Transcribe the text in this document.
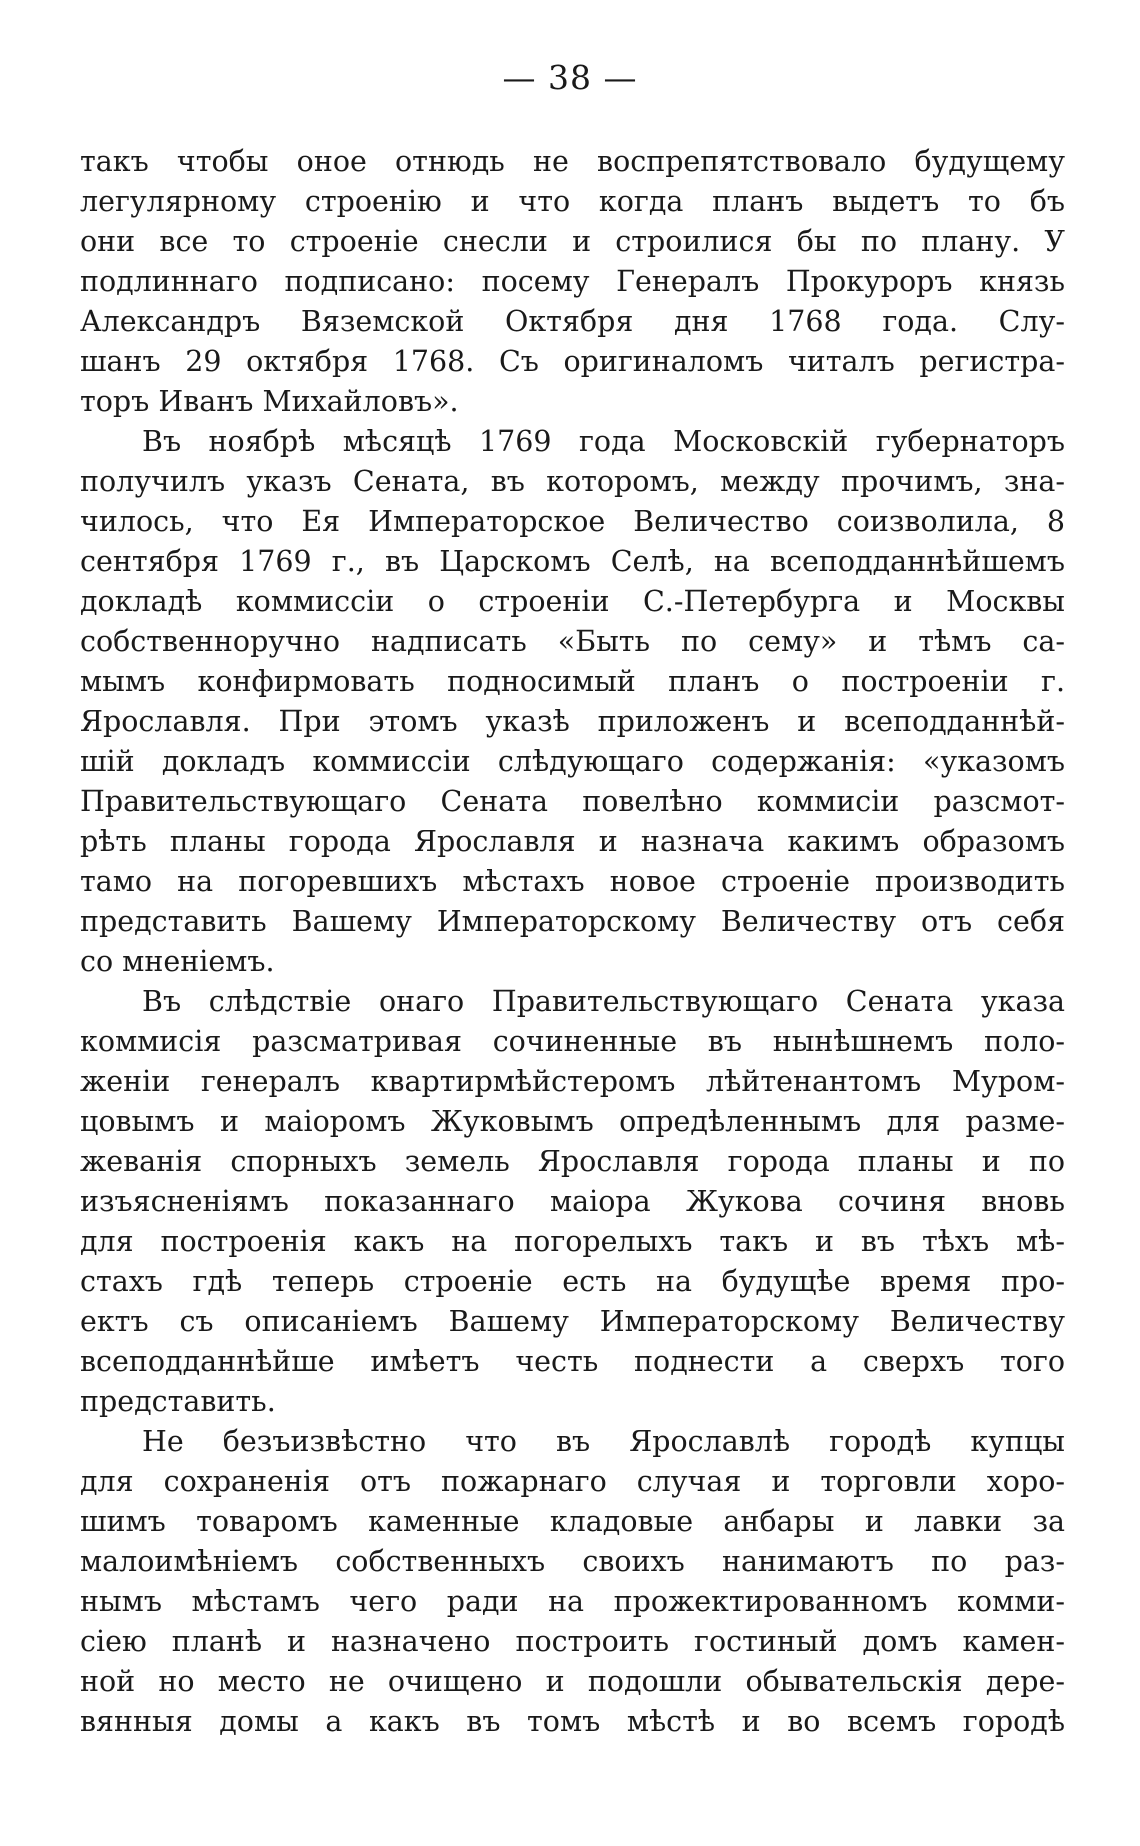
— 38 —
такъ чтобы оное отнюдь не воспрепятствовало будущему
легулярному строенію и что когда планъ выдетъ то бъ
они все то строеніе снесли и строилися бы по плану. У
подлиннаго подписано: посему Генералъ Прокуроръ князь
Александръ Вяземской Октября дня 1768 года. Слу-
шанъ 29 октября 1768. Съ оригиналомъ читалъ регистра-
торъ Иванъ Михайловъ».
Въ ноябрѣ мѣсяцѣ 1769 года Московскій губернаторъ
получилъ указъ Сената, въ которомъ, между прочимъ, зна-
чилось, что Ея Императорское Величество соизволила, 8
сентября 1769 г., въ Царскомъ Селѣ, на всеподданнѣйшемъ
докладѣ коммиссіи о строеніи С.-Петербурга и Москвы
собственноручно надписать «Быть по сему» и тѣмъ са-
мымъ конфирмовать подносимый планъ о построеніи г.
Ярославля. При этомъ указѣ приложенъ и всеподданнѣй-
шій докладъ коммиссіи слѣдующаго содержанія: «указомъ
Правительствующаго Сената повелѣно коммисіи разсмот-
рѣть планы города Ярославля и назнача какимъ образомъ
тамо на погоревшихъ мѣстахъ новое строеніе производить
представить Вашему Императорскому Величеству отъ себя
со мненіемъ.
Въ слѣдствіе онаго Правительствующаго Сената указа
коммисія разсматривая сочиненные въ нынѣшнемъ поло-
женіи генералъ квартирмѣйстеромъ лѣйтенантомъ Муром-
цовымъ и маіоромъ Жуковымъ опредѣленнымъ для разме-
жеванія спорныхъ земель Ярославля города планы и по
изъясненіямъ показаннаго маіора Жукова сочиня вновь
для построенія какъ на погорелыхъ такъ и въ тѣхъ мѣ-
стахъ гдѣ теперь строеніе есть на будущѣе время про-
ектъ съ описаніемъ Вашему Императорскому Величеству
всеподданнѣйше имѣетъ честь поднести а сверхъ того
представить.
Не безъизвѣстно что въ Ярославлѣ городѣ купцы
для сохраненія отъ пожарнаго случая и торговли хоро-
шимъ товаромъ каменные кладовые анбары и лавки за
малоимѣніемъ собственныхъ своихъ нанимаютъ по раз-
нымъ мѣстамъ чего ради на прожектированномъ комми-
сіею планѣ и назначено построить гостиный домъ камен-
ной но место не очищено и подошли обывательскія дере-
вянныя домы а какъ въ томъ мѣстѣ и во всемъ городѣ
